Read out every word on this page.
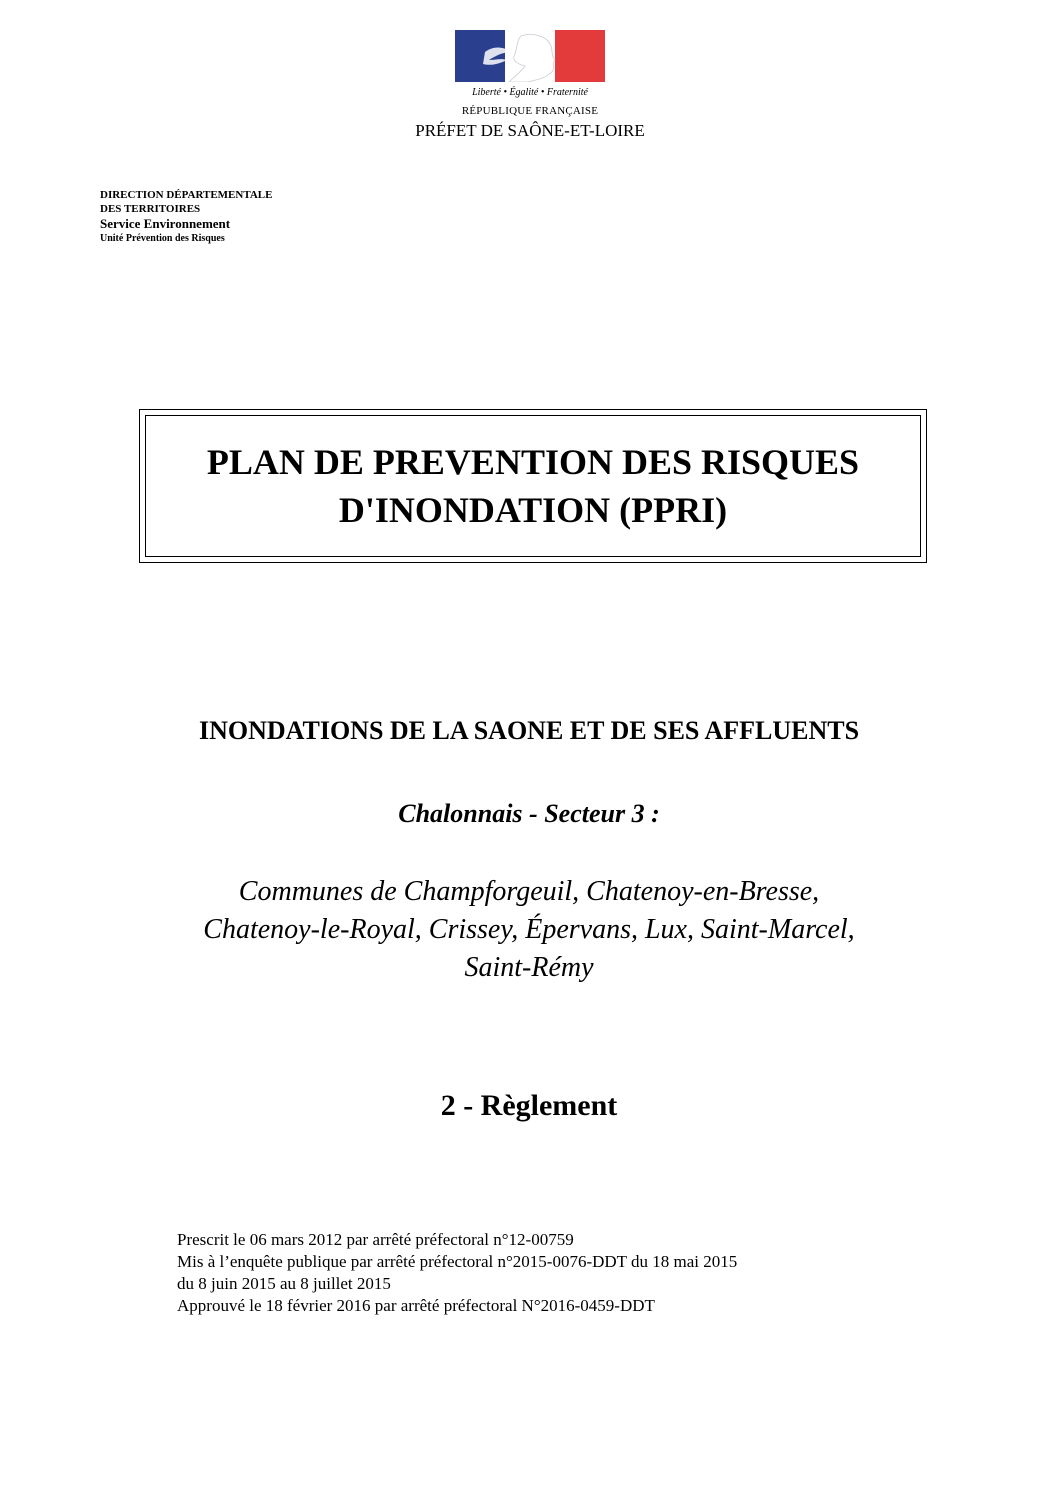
Liberté • Égalité • Fraternité
RÉPUBLIQUE FRANÇAISE
PRÉFET DE SAÔNE-ET-LOIRE
DIRECTION DÉPARTEMENTALE
DES TERRITOIRES
Service Environnement
Unité Prévention des Risques
PLAN DE PREVENTION DES RISQUES
D'INONDATION (PPRI)
INONDATIONS DE LA SAONE ET DE SES AFFLUENTS
Chalonnais - Secteur 3 :
Communes de Champforgeuil, Chatenoy-en-Bresse,
Chatenoy-le-Royal, Crissey, Épervans, Lux, Saint-Marcel,
Saint-Rémy
2 - Règlement
Prescrit le 06 mars 2012 par arrêté préfectoral n°12-00759
Mis à l’enquête publique par arrêté préfectoral n°2015-0076-DDT du 18 mai 2015
du 8 juin 2015 au 8 juillet 2015
Approuvé le 18 février 2016 par arrêté préfectoral N°2016-0459-DDT
